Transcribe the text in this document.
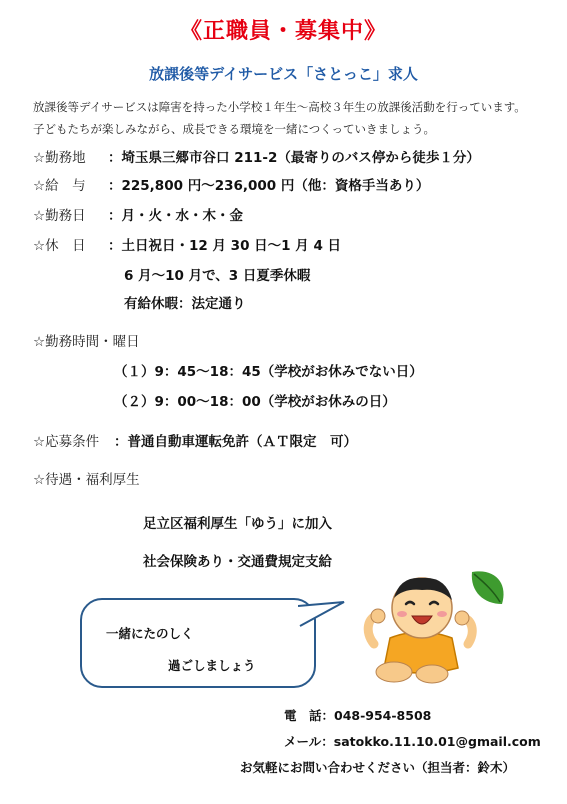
《正職員・募集中》
放課後等デイサービス「さとっこ」求人
放課後等デイサービスは障害を持った小学校１年生〜高校３年生の放課後活動を行っています。
子どもたちが楽しみながら、成長できる環境を一緒につくっていきましょう。
☆勤務地 ：埼玉県三郷市谷口 211-2（最寄りのバス停から徒歩１分）
☆給　与 ：225,800 円〜236,000 円（他：資格手当あり）
☆勤務日 ：月・火・水・木・金
☆休　日 ：土日祝日・12 月 30 日〜1 月 4 日
6 月〜10 月で、3 日夏季休暇
有給休暇：法定通り
☆勤務時間・曜日
（１）9：45〜18：45（学校がお休みでない日）
（２）9：00〜18：00（学校がお休みの日）
☆応募条件 ：普通自動車運転免許（ＡＴ限定　可）
☆待遇・福利厚生
足立区福利厚生「ゆう」に加入
社会保険あり・交通費規定支給
一緒にたのしく
過ごしましょう
電　話：048-954-8508
メール：satokko.11.10.01@gmail.com
お気軽にお問い合わせください（担当者：鈴木）
